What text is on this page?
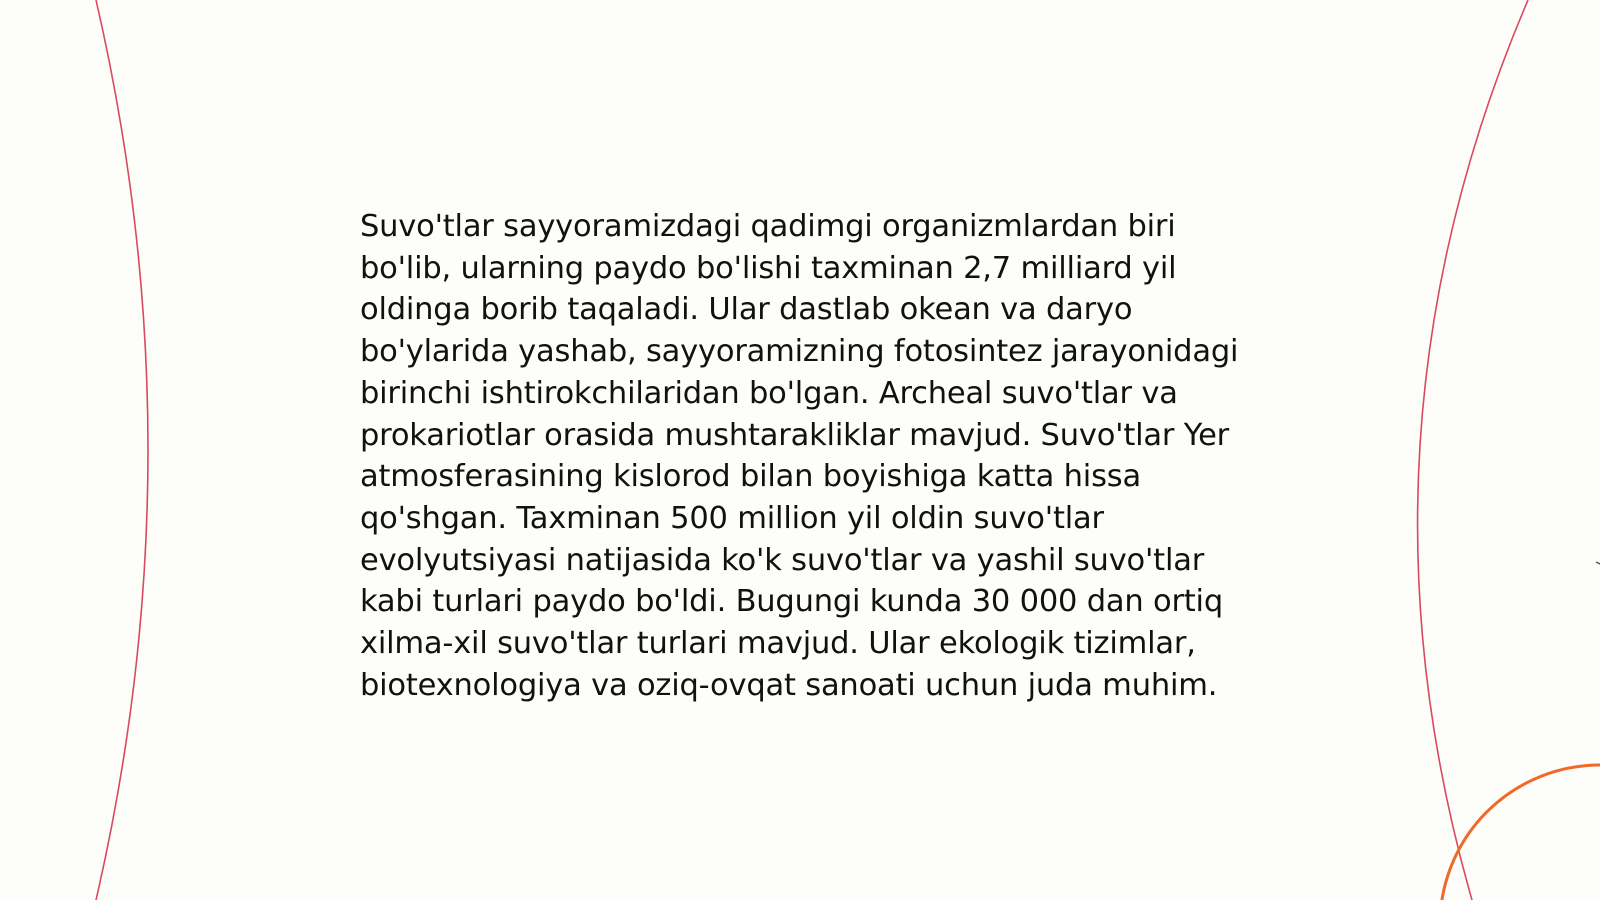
Suvo'tlar sayyoramizdagi qadimgi organizmlardan biri bo'lib, ularning paydo bo'lishi taxminan 2,7 milliard yil oldinga borib taqaladi. Ular dastlab okean va daryo bo'ylarida yashab, sayyoramizning fotosintez jarayonidagi birinchi ishtirokchilaridan bo'lgan. Archeal suvo'tlar va prokariotlar orasida mushtarakliklar mavjud. Suvo'tlar Yer atmosferasining kislorod bilan boyishiga katta hissa qo'shgan. Taxminan 500 million yil oldin suvo'tlar evolyutsiyasi natijasida ko'k suvo'tlar va yashil suvo'tlar kabi turlari paydo bo'ldi. Bugungi kunda 30 000 dan ortiq xilma-xil suvo'tlar turlari mavjud. Ular ekologik tizimlar, biotexnologiya va oziq-ovqat sanoati uchun juda muhim.
